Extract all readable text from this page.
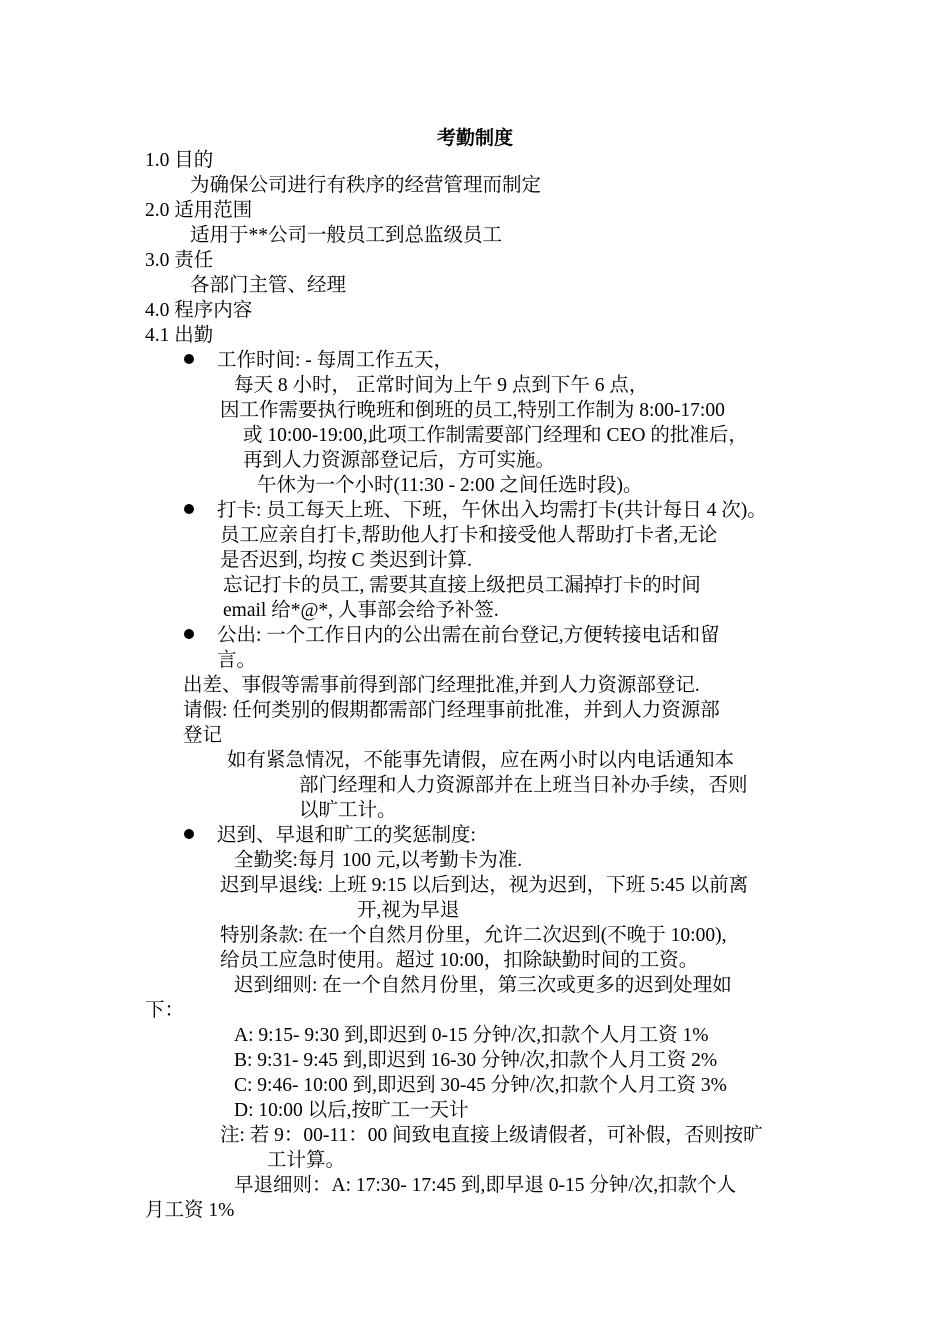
考勤制度
1.0 目的
为确保公司进行有秩序的经营管理而制定
2.0 适用范围
适用于**公司一般员工到总监级员工
3.0 责任
各部门主管、经理
4.0 程序内容
4.1 出勤
工作时间: - 每周工作五天，
每天 8 小时， 正常时间为上午 9 点到下午 6 点，
因工作需要执行晚班和倒班的员工,特别工作制为 8:00-17:00
或 10:00-19:00,此项工作制需要部门经理和 CEO 的批准后，
再到人力资源部登记后，方可实施。
午休为一个小时(11:30 - 2:00 之间任选时段)。
打卡: 员工每天上班、下班，午休出入均需打卡(共计每日 4 次)。
员工应亲自打卡,帮助他人打卡和接受他人帮助打卡者,无论
是否迟到, 均按 C 类迟到计算.
忘记打卡的员工, 需要其直接上级把员工漏掉打卡的时间
email 给*@*, 人事部会给予补签.
公出: 一个工作日内的公出需在前台登记,方便转接电话和留
言。
出差、事假等需事前得到部门经理批准,并到人力资源部登记.
请假: 任何类别的假期都需部门经理事前批准，并到人力资源部
登记
如有紧急情况，不能事先请假，应在两小时以内电话通知本
部门经理和人力资源部并在上班当日补办手续，否则
以旷工计。
迟到、早退和旷工的奖惩制度:
全勤奖:每月 100 元,以考勤卡为准.
迟到早退线: 上班 9:15 以后到达，视为迟到，下班 5:45 以前离
开,视为早退
特别条款: 在一个自然月份里，允许二次迟到(不晚于 10:00),
给员工应急时使用。超过 10:00，扣除缺勤时间的工资。
迟到细则: 在一个自然月份里，第三次或更多的迟到处理如
下：
A: 9:15- 9:30 到,即迟到 0-15 分钟/次,扣款个人月工资 1%
B: 9:31- 9:45 到,即迟到 16-30 分钟/次,扣款个人月工资 2%
C: 9:46- 10:00 到,即迟到 30-45 分钟/次,扣款个人月工资 3%
D: 10:00 以后,按旷工一天计
注: 若 9：00-11：00 间致电直接上级请假者，可补假，否则按旷
工计算。
早退细则：A: 17:30- 17:45 到,即早退 0-15 分钟/次,扣款个人
月工资 1%
